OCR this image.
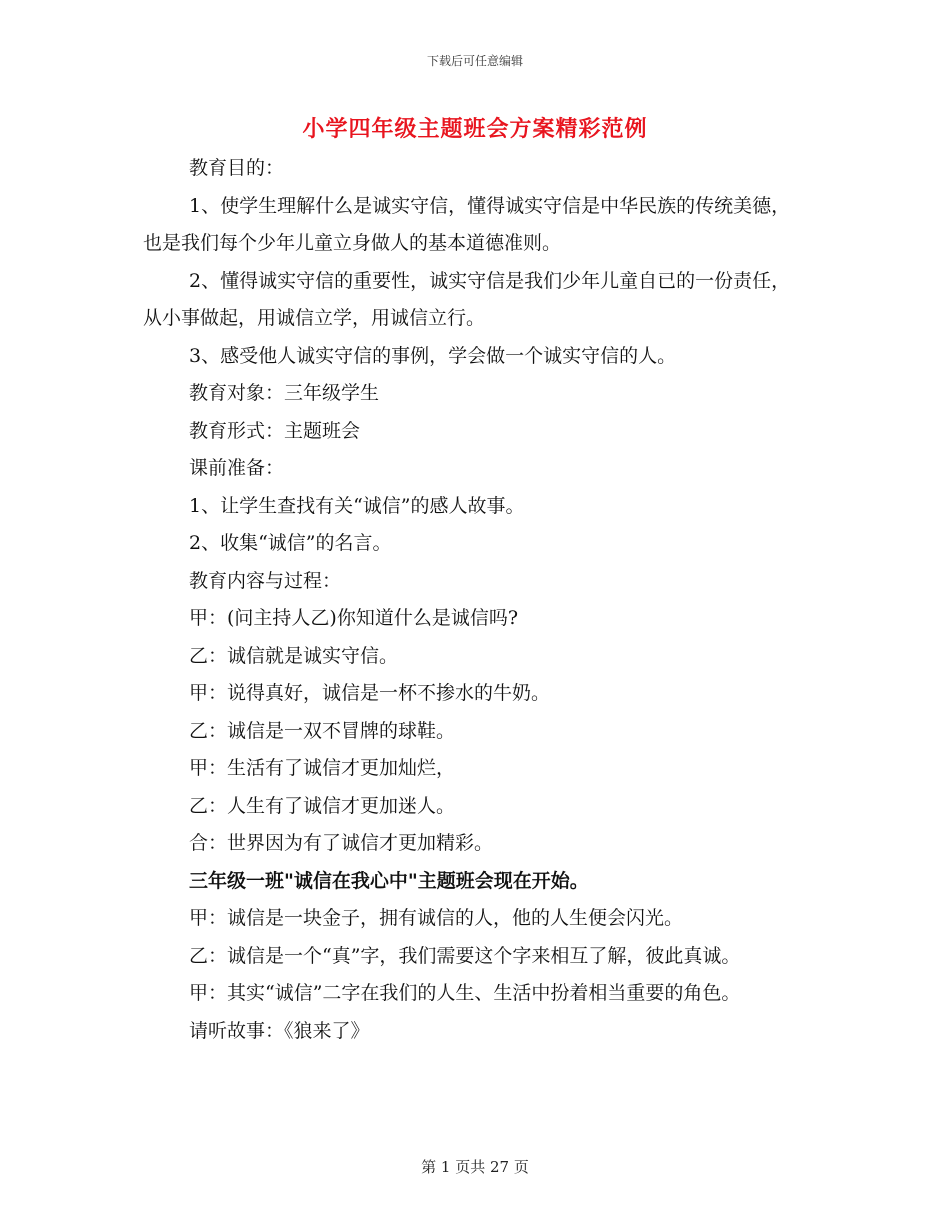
下载后可任意编辑
小学四年级主题班会方案精彩范例

教育目的：

1、使学生理解什么是诚实守信，懂得诚实守信是中华民族的传统美德，也是我们每个少年儿童立身做人的基本道德准则。

2、懂得诚实守信的重要性，诚实守信是我们少年儿童自已的一份责任，从小事做起，用诚信立学，用诚信立行。

3、感受他人诚实守信的事例，学会做一个诚实守信的人。

教育对象：三年级学生

教育形式：主题班会

课前准备：

1、让学生查找有关“诚信”的感人故事。

2、收集“诚信”的名言。

教育内容与过程：

甲：(问主持人乙)你知道什么是诚信吗?

乙：诚信就是诚实守信。

甲：说得真好，诚信是一杯不掺水的牛奶。

乙：诚信是一双不冒牌的球鞋。

甲：生活有了诚信才更加灿烂，

乙：人生有了诚信才更加迷人。

合：世界因为有了诚信才更加精彩。

三年级一班"诚信在我心中"主题班会现在开始。

甲：诚信是一块金子，拥有诚信的人，他的人生便会闪光。

乙：诚信是一个“真”字，我们需要这个字来相互了解，彼此真诚。

甲：其实“诚信”二字在我们的人生、生活中扮着相当重要的角色。

请听故事：《狼来了》

第 1 页共 27 页
